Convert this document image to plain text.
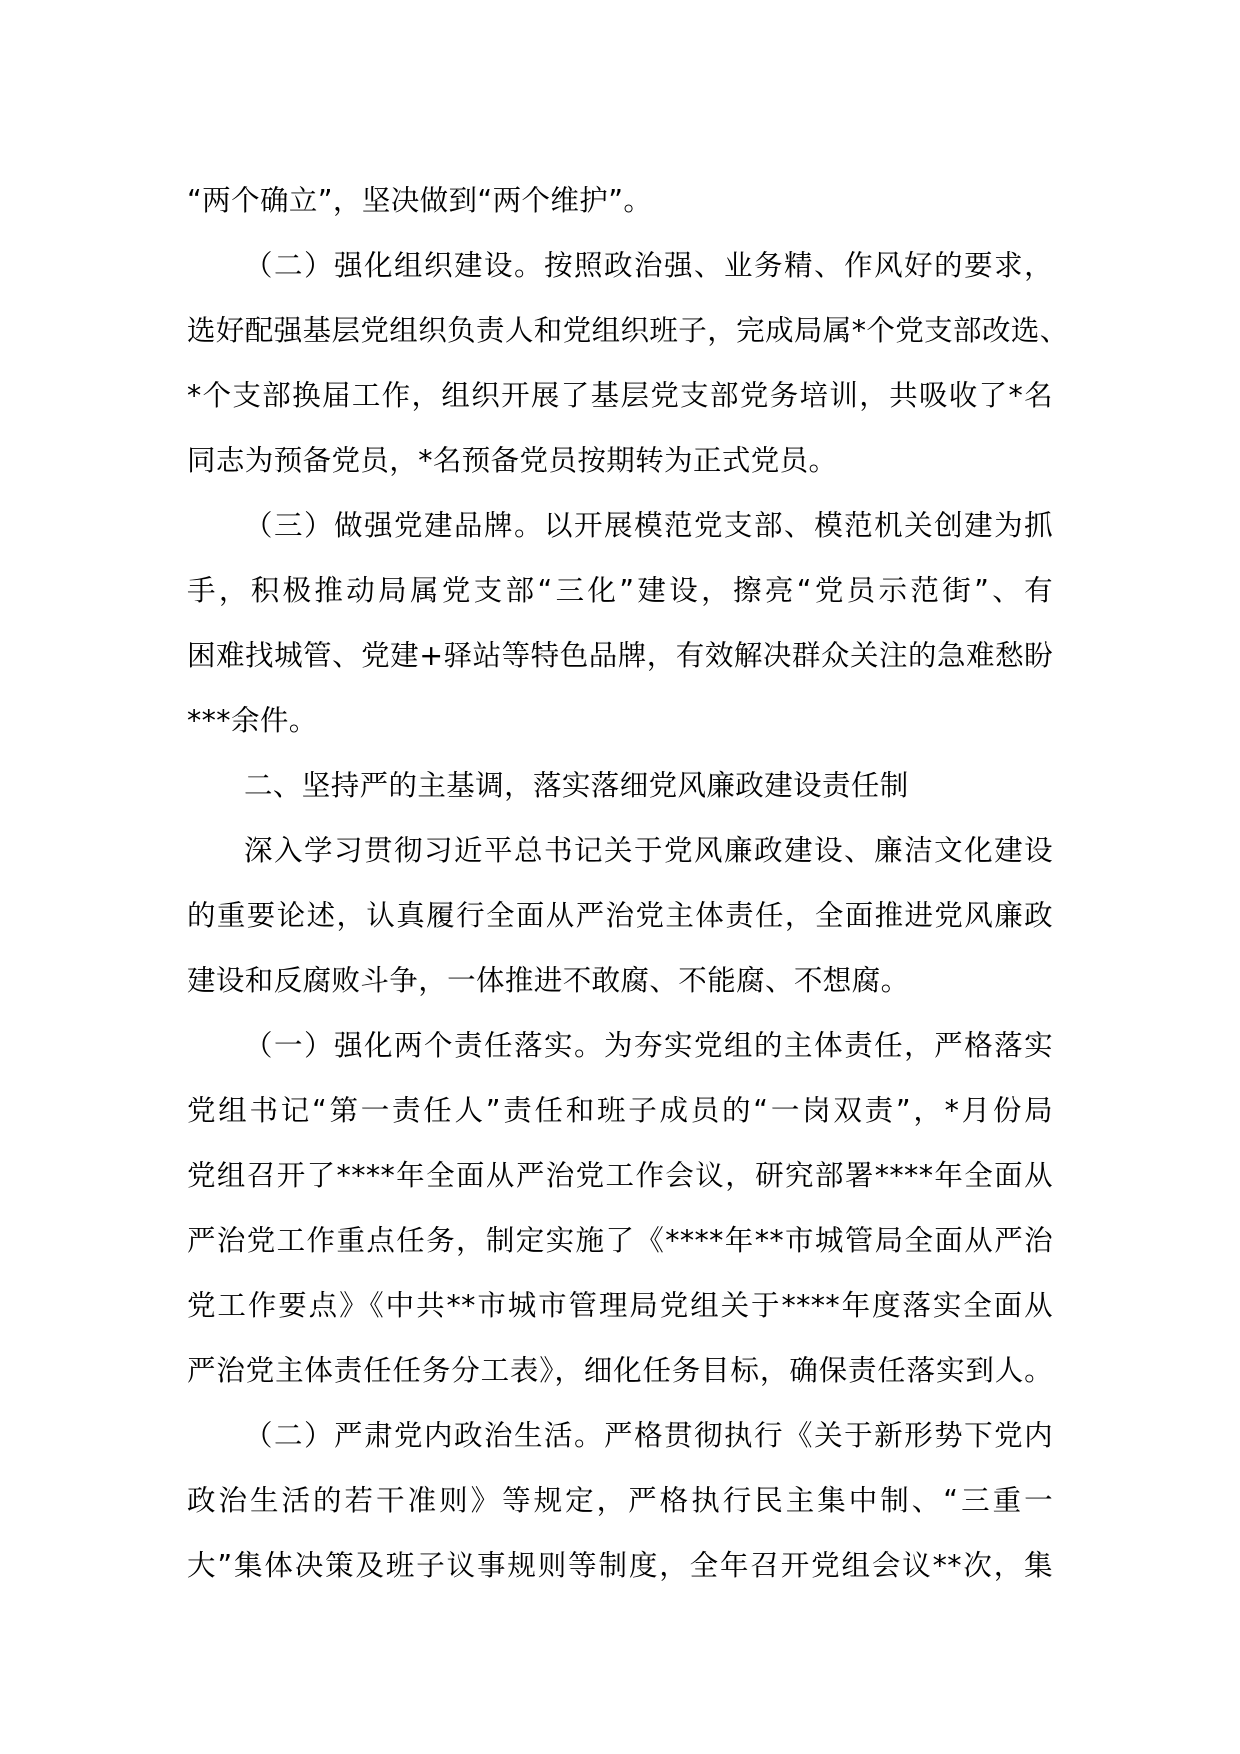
“两个确立”，坚决做到“两个维护”。
（二）强化组织建设。按照政治强、业务精、作风好的要求，
选好配强基层党组织负责人和党组织班子，完成局属*个党支部改选、
*个支部换届工作，组织开展了基层党支部党务培训，共吸收了*名
同志为预备党员，*名预备党员按期转为正式党员。
（三）做强党建品牌。以开展模范党支部、模范机关创建为抓
手，积极推动局属党支部“三化”建设，擦亮“党员示范街”、有
困难找城管、党建+驿站等特色品牌，有效解决群众关注的急难愁盼
***余件。
二、坚持严的主基调，落实落细党风廉政建设责任制
深入学习贯彻习近平总书记关于党风廉政建设、廉洁文化建设
的重要论述，认真履行全面从严治党主体责任，全面推进党风廉政
建设和反腐败斗争，一体推进不敢腐、不能腐、不想腐。
（一）强化两个责任落实。为夯实党组的主体责任，严格落实
党组书记“第一责任人”责任和班子成员的“一岗双责”，*月份局
党组召开了****年全面从严治党工作会议，研究部署****年全面从
严治党工作重点任务，制定实施了《****年**市城管局全面从严治
党工作要点》《中共**市城市管理局党组关于****年度落实全面从
严治党主体责任任务分工表》，细化任务目标，确保责任落实到人。
（二）严肃党内政治生活。严格贯彻执行《关于新形势下党内
政治生活的若干准则》等规定，严格执行民主集中制、“三重一
大”集体决策及班子议事规则等制度，全年召开党组会议**次，集
